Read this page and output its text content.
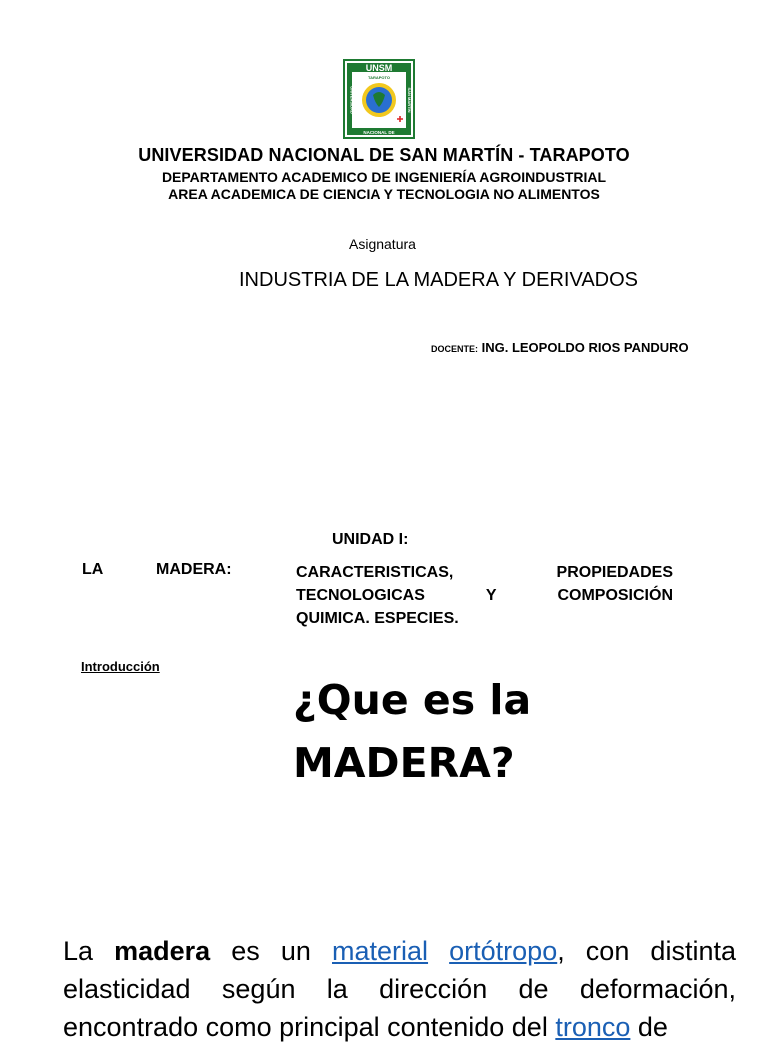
UNSM
UNIVERSIDAD	SAN MARTIN
NACIONAL DE
TARAPOTO
UNIVERSIDAD NACIONAL DE SAN MARTÍN - TARAPOTO
DEPARTAMENTO ACADEMICO DE INGENIERÍA AGROINDUSTRIAL
AREA ACADEMICA DE CIENCIA Y TECNOLOGIA NO ALIMENTOS
Asignatura
INDUSTRIA DE LA MADERA Y DERIVADOS
DOCENTE: ING. LEOPOLDO RIOS PANDURO
UNIDAD I:
LA	MADERA:	CARACTERISTICAS,	PROPIEDADES
TECNOLOGICAS	Y	COMPOSICIÓN
QUIMICA. ESPECIES.
Introducción
¿Que es la
MADERA?
La madera es un material ortótropo, con distinta elasticidad según la dirección de deformación, encontrado como principal contenido del tronco de
